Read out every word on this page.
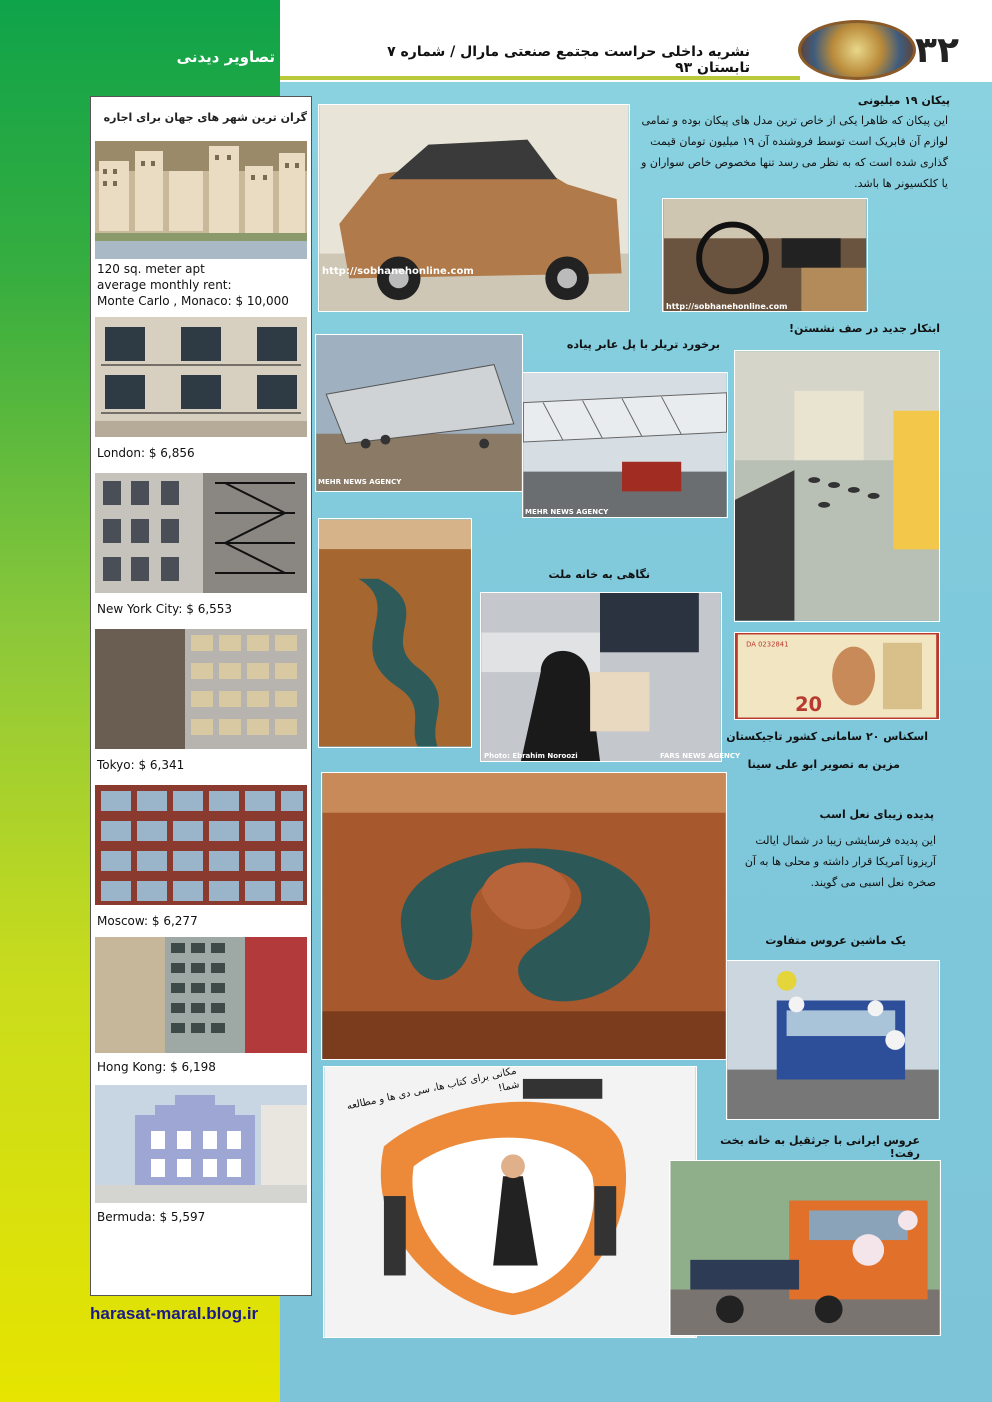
تصاویر دیدنی	نشریه داخلی حراست مجتمع صنعتی مارال / شماره ۷ تابستان ۹۳	۳۲
گران ترین شهر های جهان برای اجاره
120 sq. meter apt
average monthly rent:
Monte Carlo , Monaco: $ 10,000
London: $ 6,856
New York City: $ 6,553
Tokyo: $ 6,341
Moscow: $ 6,277
Hong Kong: $ 6,198
Bermuda: $ 5,597
http://sobhanehonline.com
http://sobhanehonline.com
پیکان ۱۹ میلیونی
این پیکان که ظاهرا یکی از خاص ترین مدل های پیکان بوده و تمامی لوازم آن فابریک است توسط فروشنده آن ۱۹ میلیون تومان قیمت گذاری شده است که به نظر می رسد تنها مخصوص خاص سواران و یا کلکسیونر ها باشد.
برخورد تریلر با پل عابر پیاده
MEHR NEWS AGENCY
MEHR NEWS AGENCY
ابتکار جدید در صف نشستن!
نگاهی به خانه ملت
Photo: Ebrahim Noroozi	FARS NEWS AGENCY
DA 0232841
20
اسکناس ۲۰ سامانی کشور تاجیکستان
مزین به تصویر ابو علی سینا
پدیده زیبای نعل اسب
این پدیده فرسایشی زیبا در شمال ایالت آریزونا آمریکا قرار داشته و محلی ها به آن صخره نعل اسبی می گویند.
یک ماشین عروس متفاوت
مکانی برای کتاب ها، سی دی ها و مطالعه شما!
عروس ایرانی با جرثقیل به خانه بخت رفت!
harasat-maral.blog.ir
